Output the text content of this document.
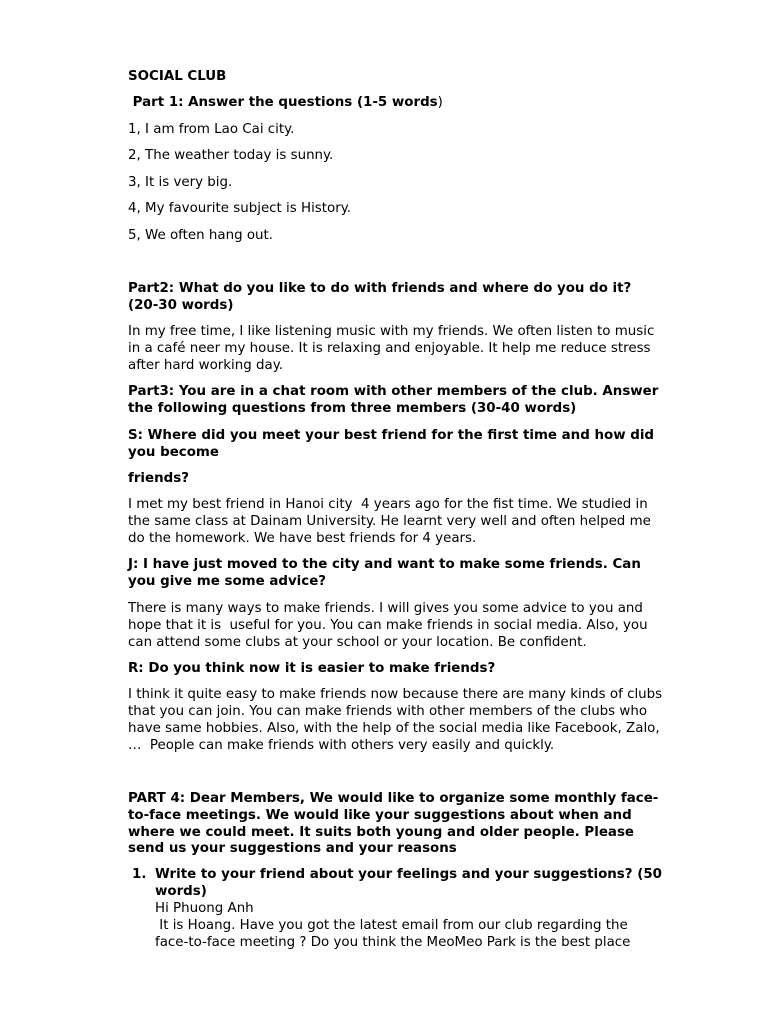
SOCIAL CLUB
Part 1: Answer the questions (1-5 words)
1, I am from Lao Cai city.
2, The weather today is sunny.
3, It is very big.
4, My favourite subject is History.
5, We often hang out.
Part2: What do you like to do with friends and where do you do it?
(20-30 words)
In my free time, I like listening music with my friends. We often listen to music
in a café neer my house. It is relaxing and enjoyable. It help me reduce stress
after hard working day.
Part3: You are in a chat room with other members of the club. Answer
the following questions from three members (30-40 words)
S: Where did you meet your best friend for the first time and how did
you become
friends?
I met my best friend in Hanoi city  4 years ago for the fist time. We studied in
the same class at Dainam University. He learnt very well and often helped me
do the homework. We have best friends for 4 years.
J: I have just moved to the city and want to make some friends. Can
you give me some advice?
There is many ways to make friends. I will gives you some advice to you and
hope that it is  useful for you. You can make friends in social media. Also, you
can attend some clubs at your school or your location. Be confident.
R: Do you think now it is easier to make friends?
I think it quite easy to make friends now because there are many kinds of clubs
that you can join. You can make friends with other members of the clubs who
have same hobbies. Also, with the help of the social media like Facebook, Zalo,
…  People can make friends with others very easily and quickly.
PART 4: Dear Members, We would like to organize some monthly face-
to-face meetings. We would like your suggestions about when and
where we could meet. It suits both young and older people. Please
send us your suggestions and your reasons
1. Write to your friend about your feelings and your suggestions? (50
words)
Hi Phuong Anh
It is Hoang. Have you got the latest email from our club regarding the
face-to-face meeting ? Do you think the MeoMeo Park is the best place
